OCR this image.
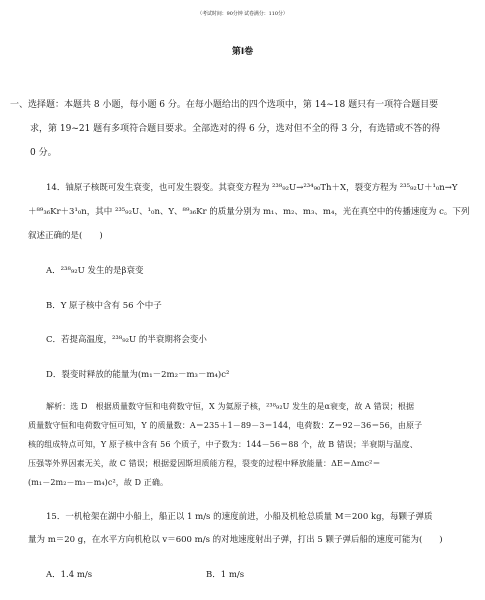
（考试时间：90分钟 试卷满分：110分）
第Ⅰ卷
一、选择题：本题共 8 小题，每小题 6 分。在每小题给出的四个选项中，第 14~18 题只有一项符合题目要
求，第 19~21 题有多项符合题目要求。全部选对的得 6 分，选对但不全的得 3 分，有选错或不答的得
0 分。
14．铀原子核既可发生衰变，也可发生裂变。其衰变方程为 ²³⁸₉₂U→²³⁴₉₀Th＋X，裂变方程为 ²³⁵₉₂U＋¹₀n→Y
＋⁸⁹₃₆Kr＋3¹₀n，其中 ²³⁵₉₂U、¹₀n、Y、⁸⁹₃₆Kr 的质量分别为 m₁、m₂、m₃、m₄，光在真空中的传播速度为 c。下列
叙述正确的是(　　)
A．²³⁸₉₂U 发生的是β衰变
B．Y 原子核中含有 56 个中子
C．若提高温度，²³⁸₉₂U 的半衰期将会变小
D．裂变时释放的能量为(m₁－2m₂－m₃－m₄)c²
解析：选 D　根据质量数守恒和电荷数守恒，X 为氦原子核，²³⁸₉₂U 发生的是α衰变，故 A 错误；根据
质量数守恒和电荷数守恒可知，Y 的质量数：A＝235＋1－89－3＝144，电荷数：Z＝92－36＝56，由原子
核的组成特点可知，Y 原子核中含有 56 个质子，中子数为：144－56＝88 个，故 B 错误；半衰期与温度、
压强等外界因素无关，故 C 错误；根据爱因斯坦质能方程，裂变的过程中释放能量：ΔE＝Δmc²＝
(m₁－2m₂－m₃－m₄)c²，故 D 正确。
15．一机枪架在湖中小船上，船正以 1 m/s 的速度前进，小船及机枪总质量 M＝200 kg，每颗子弹质
量为 m＝20 g，在水平方向机枪以 v＝600 m/s 的对地速度射出子弹，打出 5 颗子弹后船的速度可能为(　　)
A．1.4 m/s	B．1 m/s
